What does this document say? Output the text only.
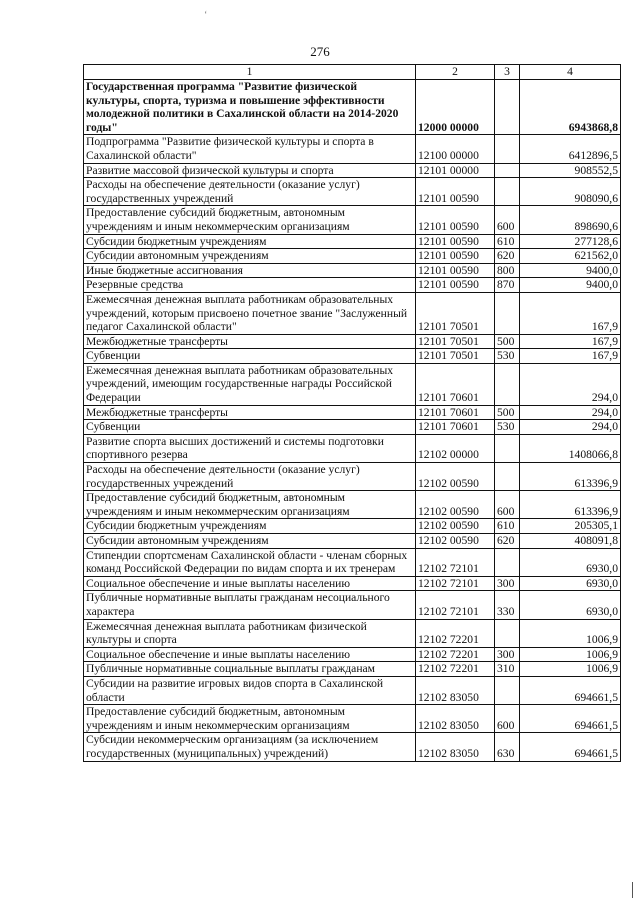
‘
276
1	2	3	4
Государственная программа "Развитие физической культуры, спорта, туризма и повышение эффективности молодежной политики в Сахалинской области на 2014-2020 годы"	12000 00000		6943868,8
Подпрограмма "Развитие физической культуры и спорта в Сахалинской области"	12100 00000		6412896,5
Развитие массовой физической культуры и спорта	12101 00000		908552,5
Расходы на обеспечение деятельности (оказание услуг) государственных учреждений	12101 00590		908090,6
Предоставление субсидий бюджетным, автономным учреждениям и иным некоммерческим организациям	12101 00590	600	898690,6
Субсидии бюджетным учреждениям	12101 00590	610	277128,6
Субсидии автономным учреждениям	12101 00590	620	621562,0
Иные бюджетные ассигнования	12101 00590	800	9400,0
Резервные средства	12101 00590	870	9400,0
Ежемесячная денежная выплата работникам образовательных учреждений, которым присвоено почетное звание "Заслуженный педагог Сахалинской области"	12101 70501		167,9
Межбюджетные трансферты	12101 70501	500	167,9
Субвенции	12101 70501	530	167,9
Ежемесячная денежная выплата работникам образовательных учреждений, имеющим государственные награды Российской Федерации	12101 70601		294,0
Межбюджетные трансферты	12101 70601	500	294,0
Субвенции	12101 70601	530	294,0
Развитие спорта высших достижений и системы подготовки спортивного резерва	12102 00000		1408066,8
Расходы на обеспечение деятельности (оказание услуг) государственных учреждений	12102 00590		613396,9
Предоставление субсидий бюджетным, автономным учреждениям и иным некоммерческим организациям	12102 00590	600	613396,9
Субсидии бюджетным учреждениям	12102 00590	610	205305,1
Субсидии автономным учреждениям	12102 00590	620	408091,8
Стипендии спортсменам Сахалинской области - членам сборных команд Российской Федерации по видам спорта и их тренерам	12102 72101		6930,0
Социальное обеспечение и иные выплаты населению	12102 72101	300	6930,0
Публичные нормативные выплаты гражданам несоциального характера	12102 72101	330	6930,0
Ежемесячная денежная выплата работникам физической культуры и спорта	12102 72201		1006,9
Социальное обеспечение и иные выплаты населению	12102 72201	300	1006,9
Публичные нормативные социальные выплаты гражданам	12102 72201	310	1006,9
Субсидии на развитие игровых видов спорта в Сахалинской области	12102 83050		694661,5
Предоставление субсидий бюджетным, автономным учреждениям и иным некоммерческим организациям	12102 83050	600	694661,5
Субсидии некоммерческим организациям (за исключением государственных (муниципальных) учреждений)	12102 83050	630	694661,5
